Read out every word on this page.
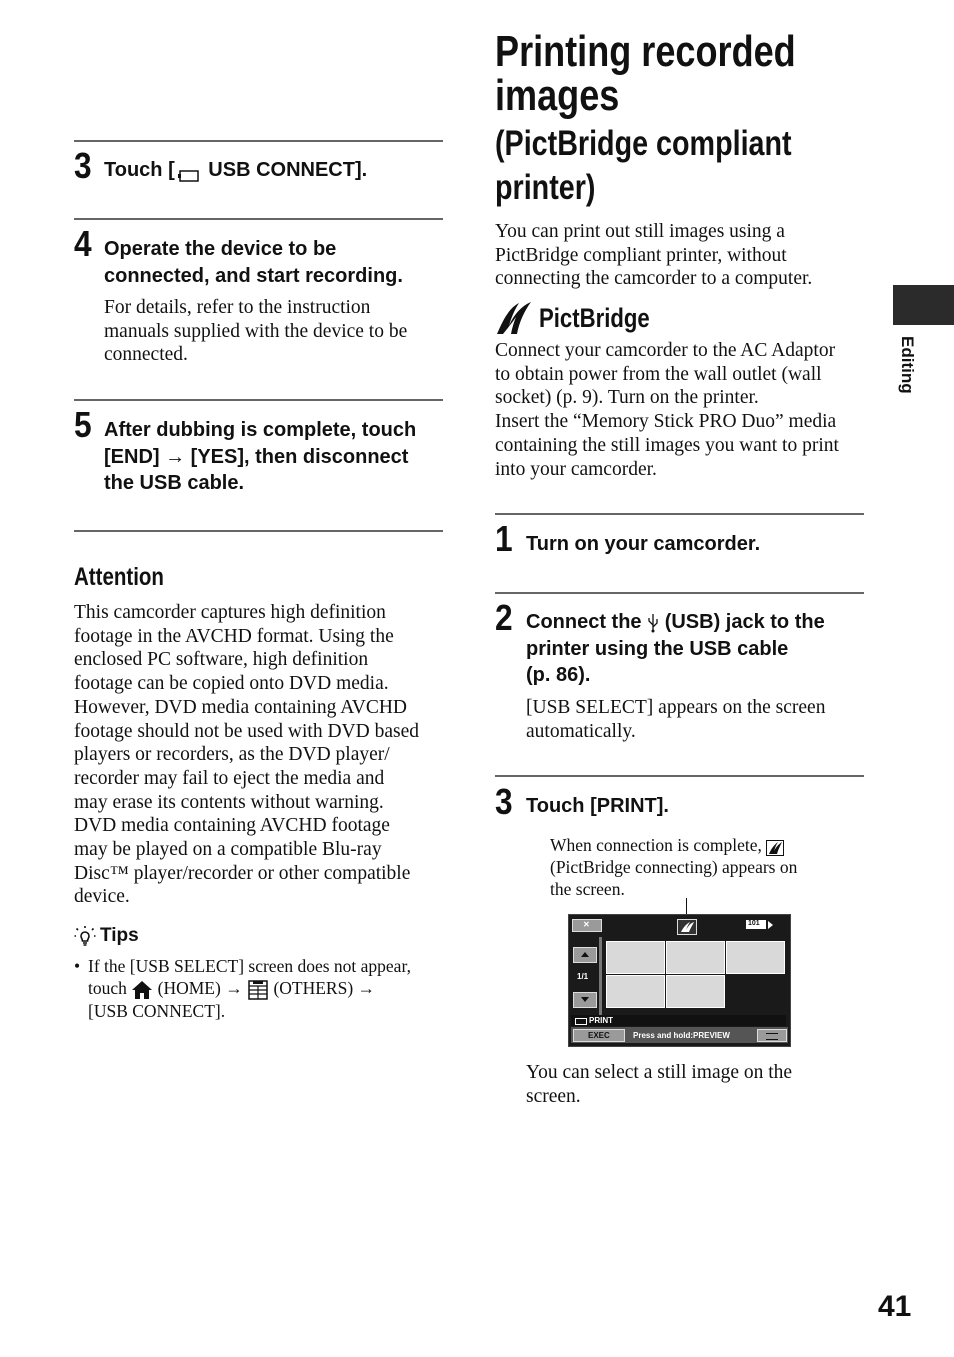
3 Touch [ USB CONNECT].
4 Operate the device to be
connected, and start recording.
For details, refer to the instruction
manuals supplied with the device to be
connected.
5 After dubbing is complete, touch
[END] → [YES], then disconnect
the USB cable.
Attention
This camcorder captures high definition
footage in the AVCHD format. Using the
enclosed PC software, high definition
footage can be copied onto DVD media.
However, DVD media containing AVCHD
footage should not be used with DVD based
players or recorders, as the DVD player/
recorder may fail to eject the media and
may erase its contents without warning.
DVD media containing AVCHD footage
may be played on a compatible Blu-ray
Disc™ player/recorder or other compatible
device.
Tips
• If the [USB SELECT] screen does not appear,
touch (HOME) → (OTHERS) →
[USB CONNECT].
Printing recorded
images
(PictBridge compliant
printer)
You can print out still images using a
PictBridge compliant printer, without
connecting the camcorder to a computer.
PictBridge
Connect your camcorder to the AC Adaptor
to obtain power from the wall outlet (wall
socket) (p. 9). Turn on the printer.
Insert the “Memory Stick PRO Duo” media
containing the still images you want to print
into your camcorder.
1 Turn on your camcorder.
2 Connect the (USB) jack to the
printer using the USB cable
(p. 86).
[USB SELECT] appears on the screen
automatically.
3 Touch [PRINT].
When connection is complete,
(PictBridge connecting) appears on
the screen.
✕	101
1/1
PRINT
EXEC	Press and hold:PREVIEW
You can select a still image on the
screen.
Editing
41
